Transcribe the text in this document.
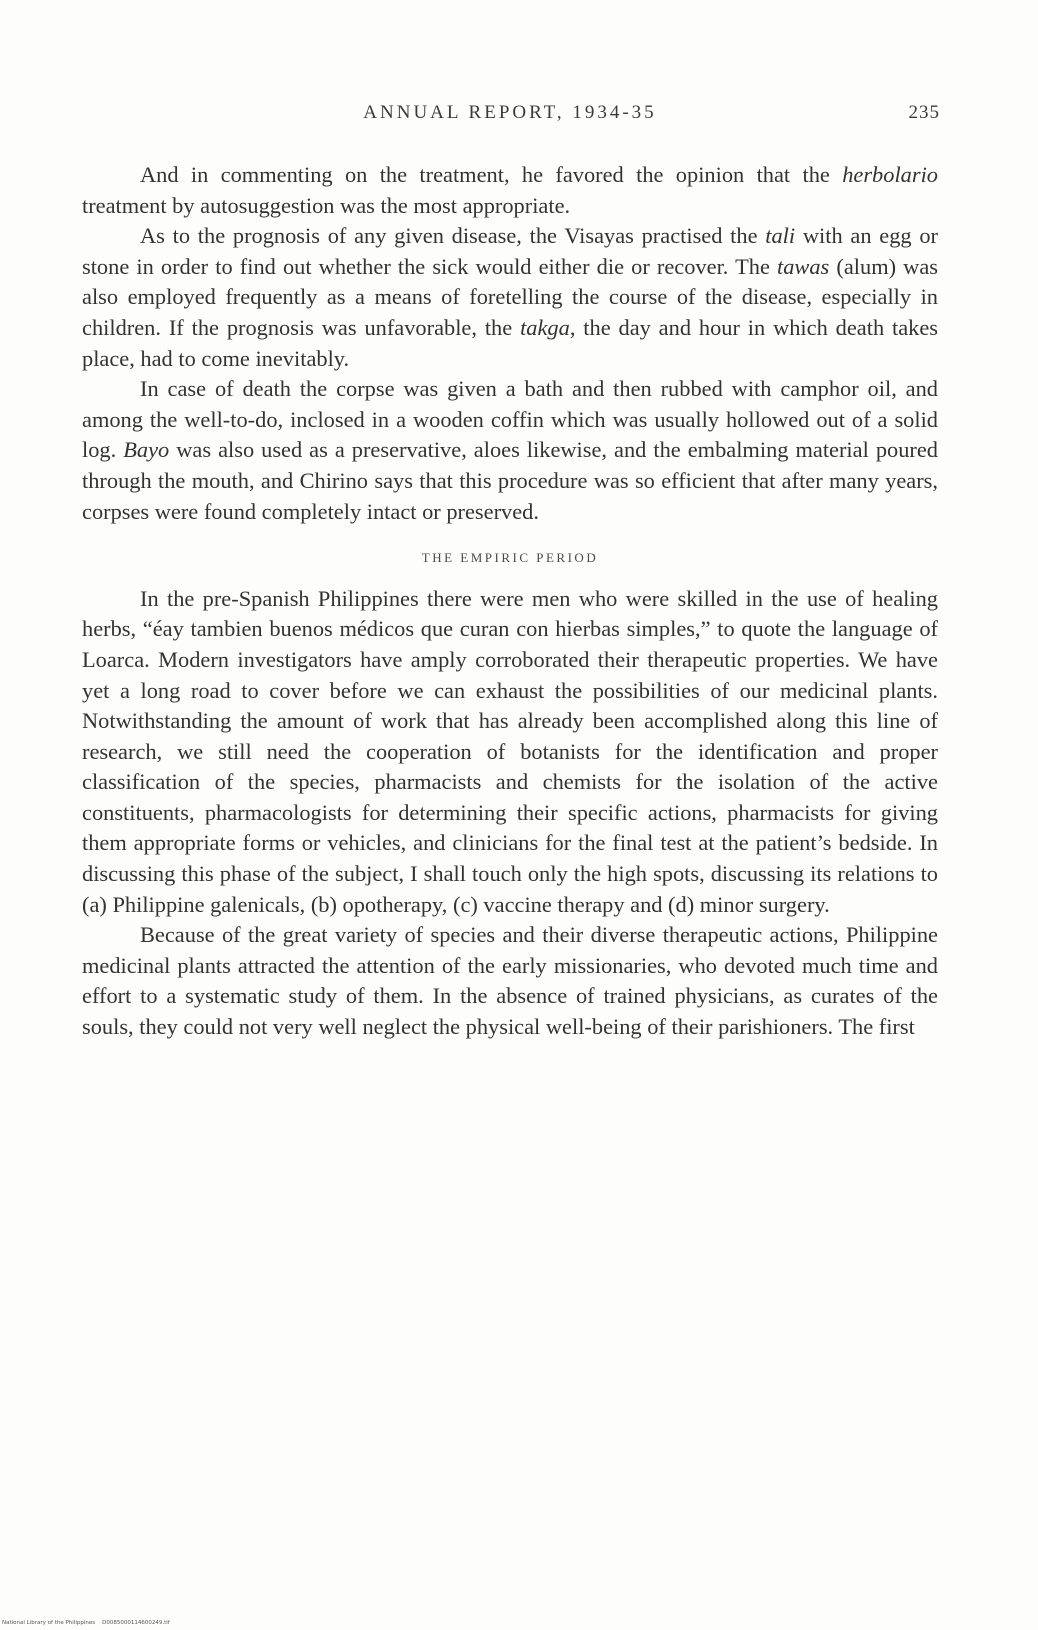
ANNUAL REPORT, 1934-35	235

And in commenting on the treatment, he favored the opinion that the herbolario treatment by autosuggestion was the most appropriate.

As to the prognosis of any given disease, the Visayas practised the tali with an egg or stone in order to find out whether the sick would either die or recover. The tawas (alum) was also employed frequently as a means of foretelling the course of the disease, especially in children. If the prognosis was unfavorable, the takga, the day and hour in which death takes place, had to come inevitably.

In case of death the corpse was given a bath and then rubbed with camphor oil, and among the well-to-do, inclosed in a wooden coffin which was usually hollowed out of a solid log. Bayo was also used as a preservative, aloes likewise, and the embalming material poured through the mouth, and Chirino says that this procedure was so efficient that after many years, corpses were found completely intact or preserved.

THE EMPIRIC PERIOD

In the pre-Spanish Philippines there were men who were skilled in the use of healing herbs, “éay tambien buenos médicos que curan con hierbas simples,” to quote the language of Loarca. Modern investigators have amply corroborated their therapeutic properties. We have yet a long road to cover before we can exhaust the possibilities of our medicinal plants. Notwithstanding the amount of work that has already been accomplished along this line of research, we still need the cooperation of botanists for the identification and proper classification of the species, pharmacists and chemists for the isolation of the active constituents, pharmacologists for determining their specific actions, pharmacists for giving them appropriate forms or vehicles, and clinicians for the final test at the patient’s bedside. In discussing this phase of the subject, I shall touch only the high spots, discussing its relations to (a) Philippine galenicals, (b) opotherapy, (c) vaccine therapy and (d) minor surgery.

Because of the great variety of species and their diverse therapeutic actions, Philippine medicinal plants attracted the attention of the early missionaries, who devoted much time and effort to a systematic study of them. In the absence of trained physicians, as curates of the souls, they could not very well neglect the physical well-being of their parishioners. The first

National Library of the Philippines    D0085000114600249.tif
